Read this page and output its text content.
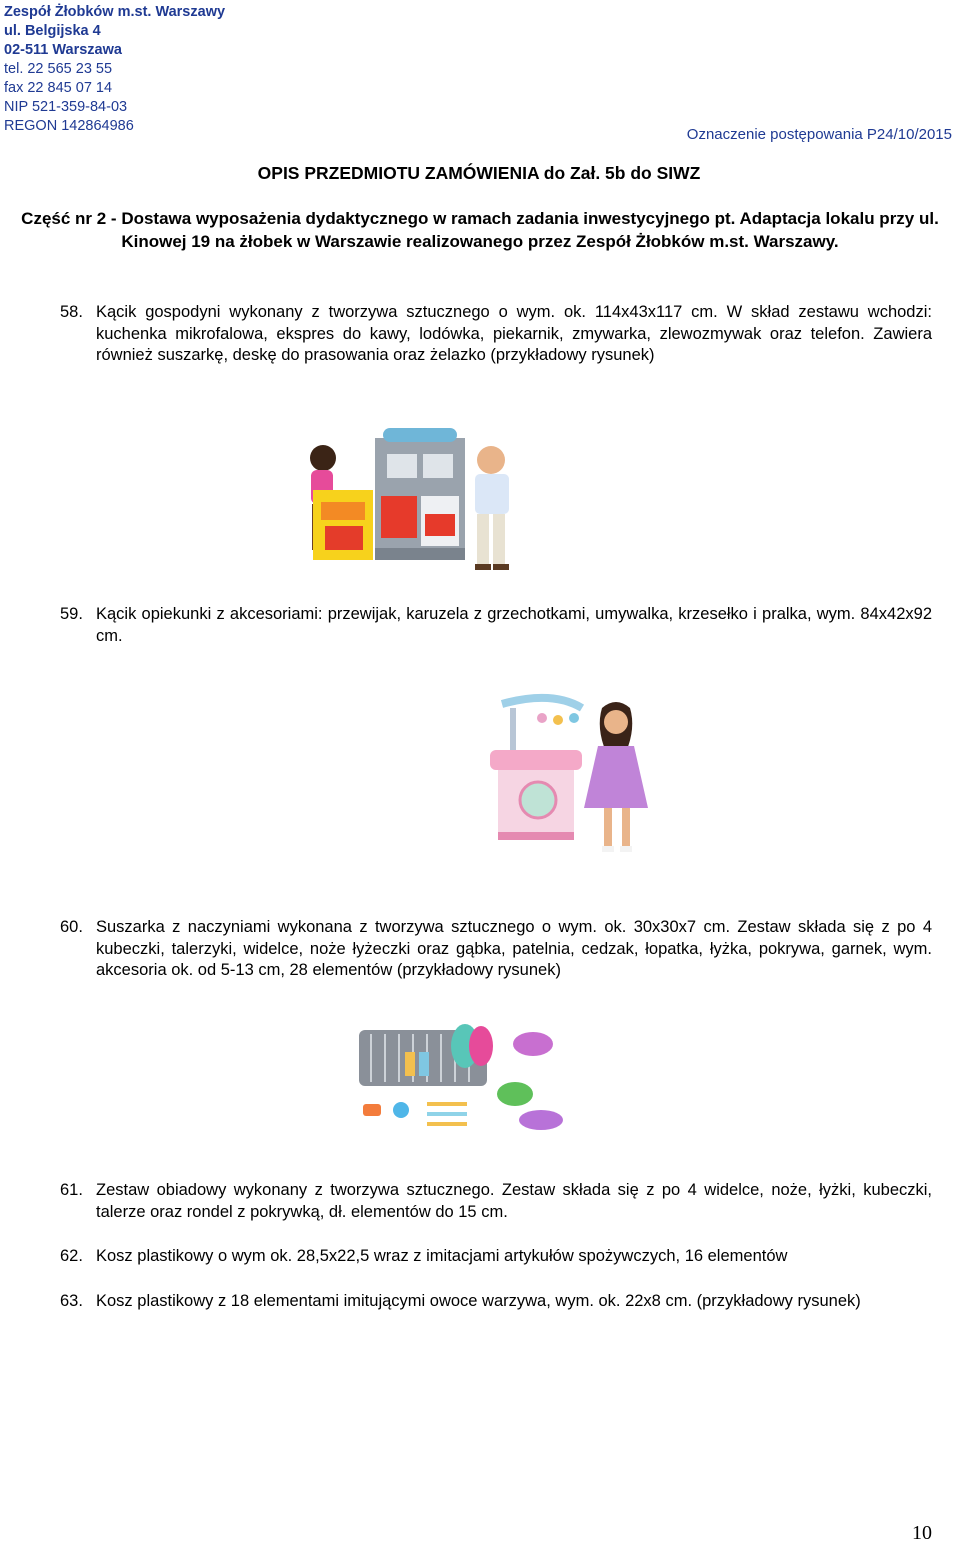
Zespół Żłobków m.st. Warszawy
ul. Belgijska 4
02-511 Warszawa
tel. 22 565 23 55
fax 22 845 07 14
NIP 521-359-84-03
REGON 142864986	Oznaczenie postępowania P24/10/2015
OPIS PRZEDMIOTU ZAMÓWIENIA do Zał. 5b do SIWZ
Część nr 2 - Dostawa wyposażenia dydaktycznego w ramach zadania inwestycyjnego pt. Adaptacja lokalu przy ul. Kinowej 19 na żłobek w Warszawie realizowanego przez Zespół Żłobków m.st. Warszawy.
58. Kącik gospodyni wykonany z tworzywa sztucznego o wym. ok. 114x43x117 cm. W skład zestawu wchodzi: kuchenka mikrofalowa, ekspres do kawy, lodówka, piekarnik, zmywarka, zlewozmywak oraz telefon. Zawiera również suszarkę, deskę do prasowania oraz żelazko (przykładowy rysunek)
59. Kącik opiekunki z akcesoriami: przewijak, karuzela z grzechotkami, umywalka, krzesełko i pralka, wym. 84x42x92 cm.
60. Suszarka z naczyniami wykonana z tworzywa sztucznego o wym. ok. 30x30x7 cm. Zestaw składa się z po 4 kubeczki, talerzyki, widelce, noże łyżeczki oraz gąbka, patelnia, cedzak, łopatka, łyżka, pokrywa, garnek, wym. akcesoria ok. od 5-13 cm, 28 elementów (przykładowy rysunek)
61. Zestaw obiadowy wykonany z tworzywa sztucznego. Zestaw składa się z po 4 widelce, noże, łyżki, kubeczki, talerze oraz rondel z pokrywką, dł. elementów do 15 cm.
62. Kosz plastikowy o wym ok. 28,5x22,5 wraz z imitacjami artykułów spożywczych, 16 elementów
63. Kosz plastikowy z 18 elementami imitującymi owoce warzywa, wym. ok. 22x8 cm. (przykładowy rysunek)
10
